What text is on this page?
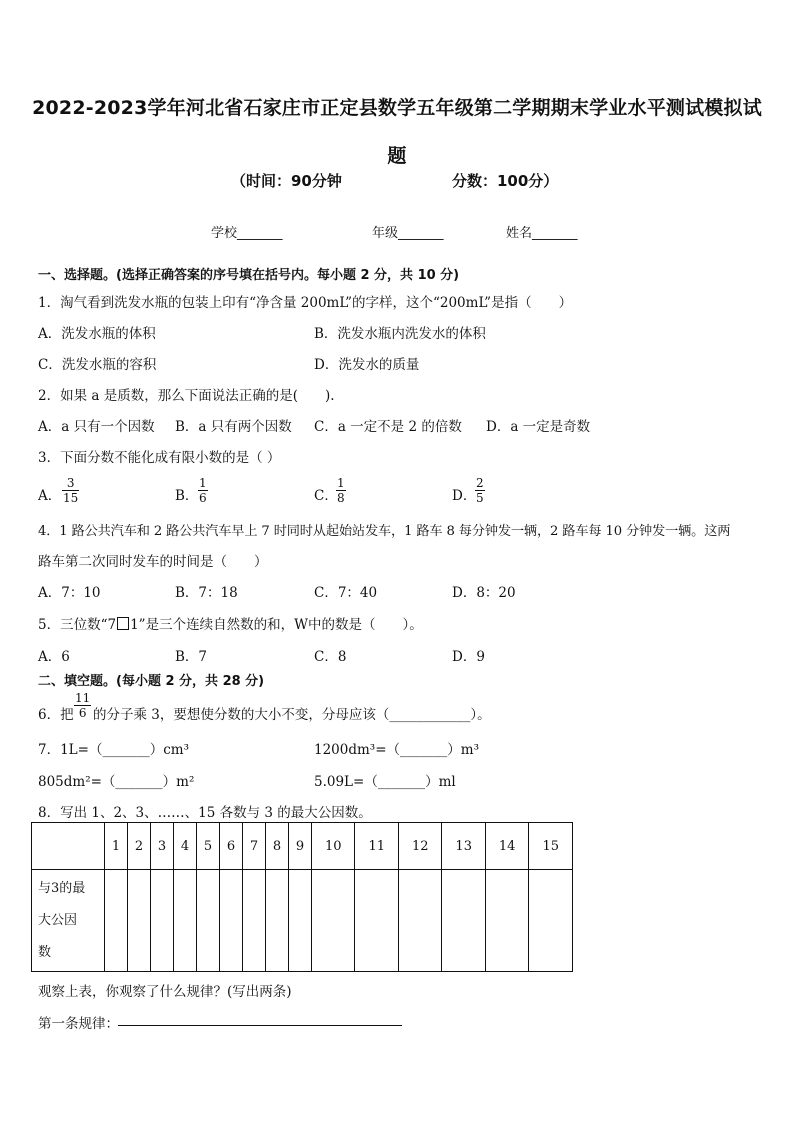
2022-2023学年河北省石家庄市正定县数学五年级第二学期期末学业水平测试模拟试题
（时间：90分钟	分数：100分）
学校_______	年级_______	姓名_______
一、选择题。(选择正确答案的序号填在括号内。每小题 2 分，共 10 分)
1．淘气看到洗发水瓶的包装上印有“净含量 200mL”的字样，这个“200mL”是指（　　）
A．洗发水瓶的体积	B．洗发水瓶内洗发水的体积
C．洗发水瓶的容积	D．洗发水的质量
2．如果 a 是质数，那么下面说法正确的是(　　).
A．a 只有一个因数 B．a 只有两个因数 C．a 一定不是 2 的倍数 D．a 一定是奇数
3．下面分数不能化成有限小数的是（ ）
A． $\frac{3}{15}$	B． $\frac{1}{6}$	C．
$\frac{1}{8}$	D．
$\frac{2}{5}$
4．1 路公共汽车和 2 路公共汽车早上 7 时同时从起始站发车，1 路车 8 每分钟发一辆，2 路车每 10 分钟发一辆。这两
路车第二次同时发车的时间是（　　）
A．7：10	B．7：18	C．7：40	D．8：20
5．三位数“7 1”是三个连续自然数的和，W中的数是（　　）。
A．6	B．7	C．8	D．9
二、填空题。(每小题 2 分，共 28 分)
6．把 $\frac{11}{6}$ 的分子乘 3，要想使分数的大小不变，分母应该（____________）。
7．1L=（_______）cm³	1200dm³=（_______）m³
805dm²=（_______）m²	5.09L=（_______）ml
8．写出 1、2、3、……、15 各数与 3 的最大公因数。
	1	2	3	4	5	6	7	8	9	10	11	12	13	14	15
与3的最
大公因
数															
观察上表，你观察了什么规律？(写出两条)
第一条规律：
